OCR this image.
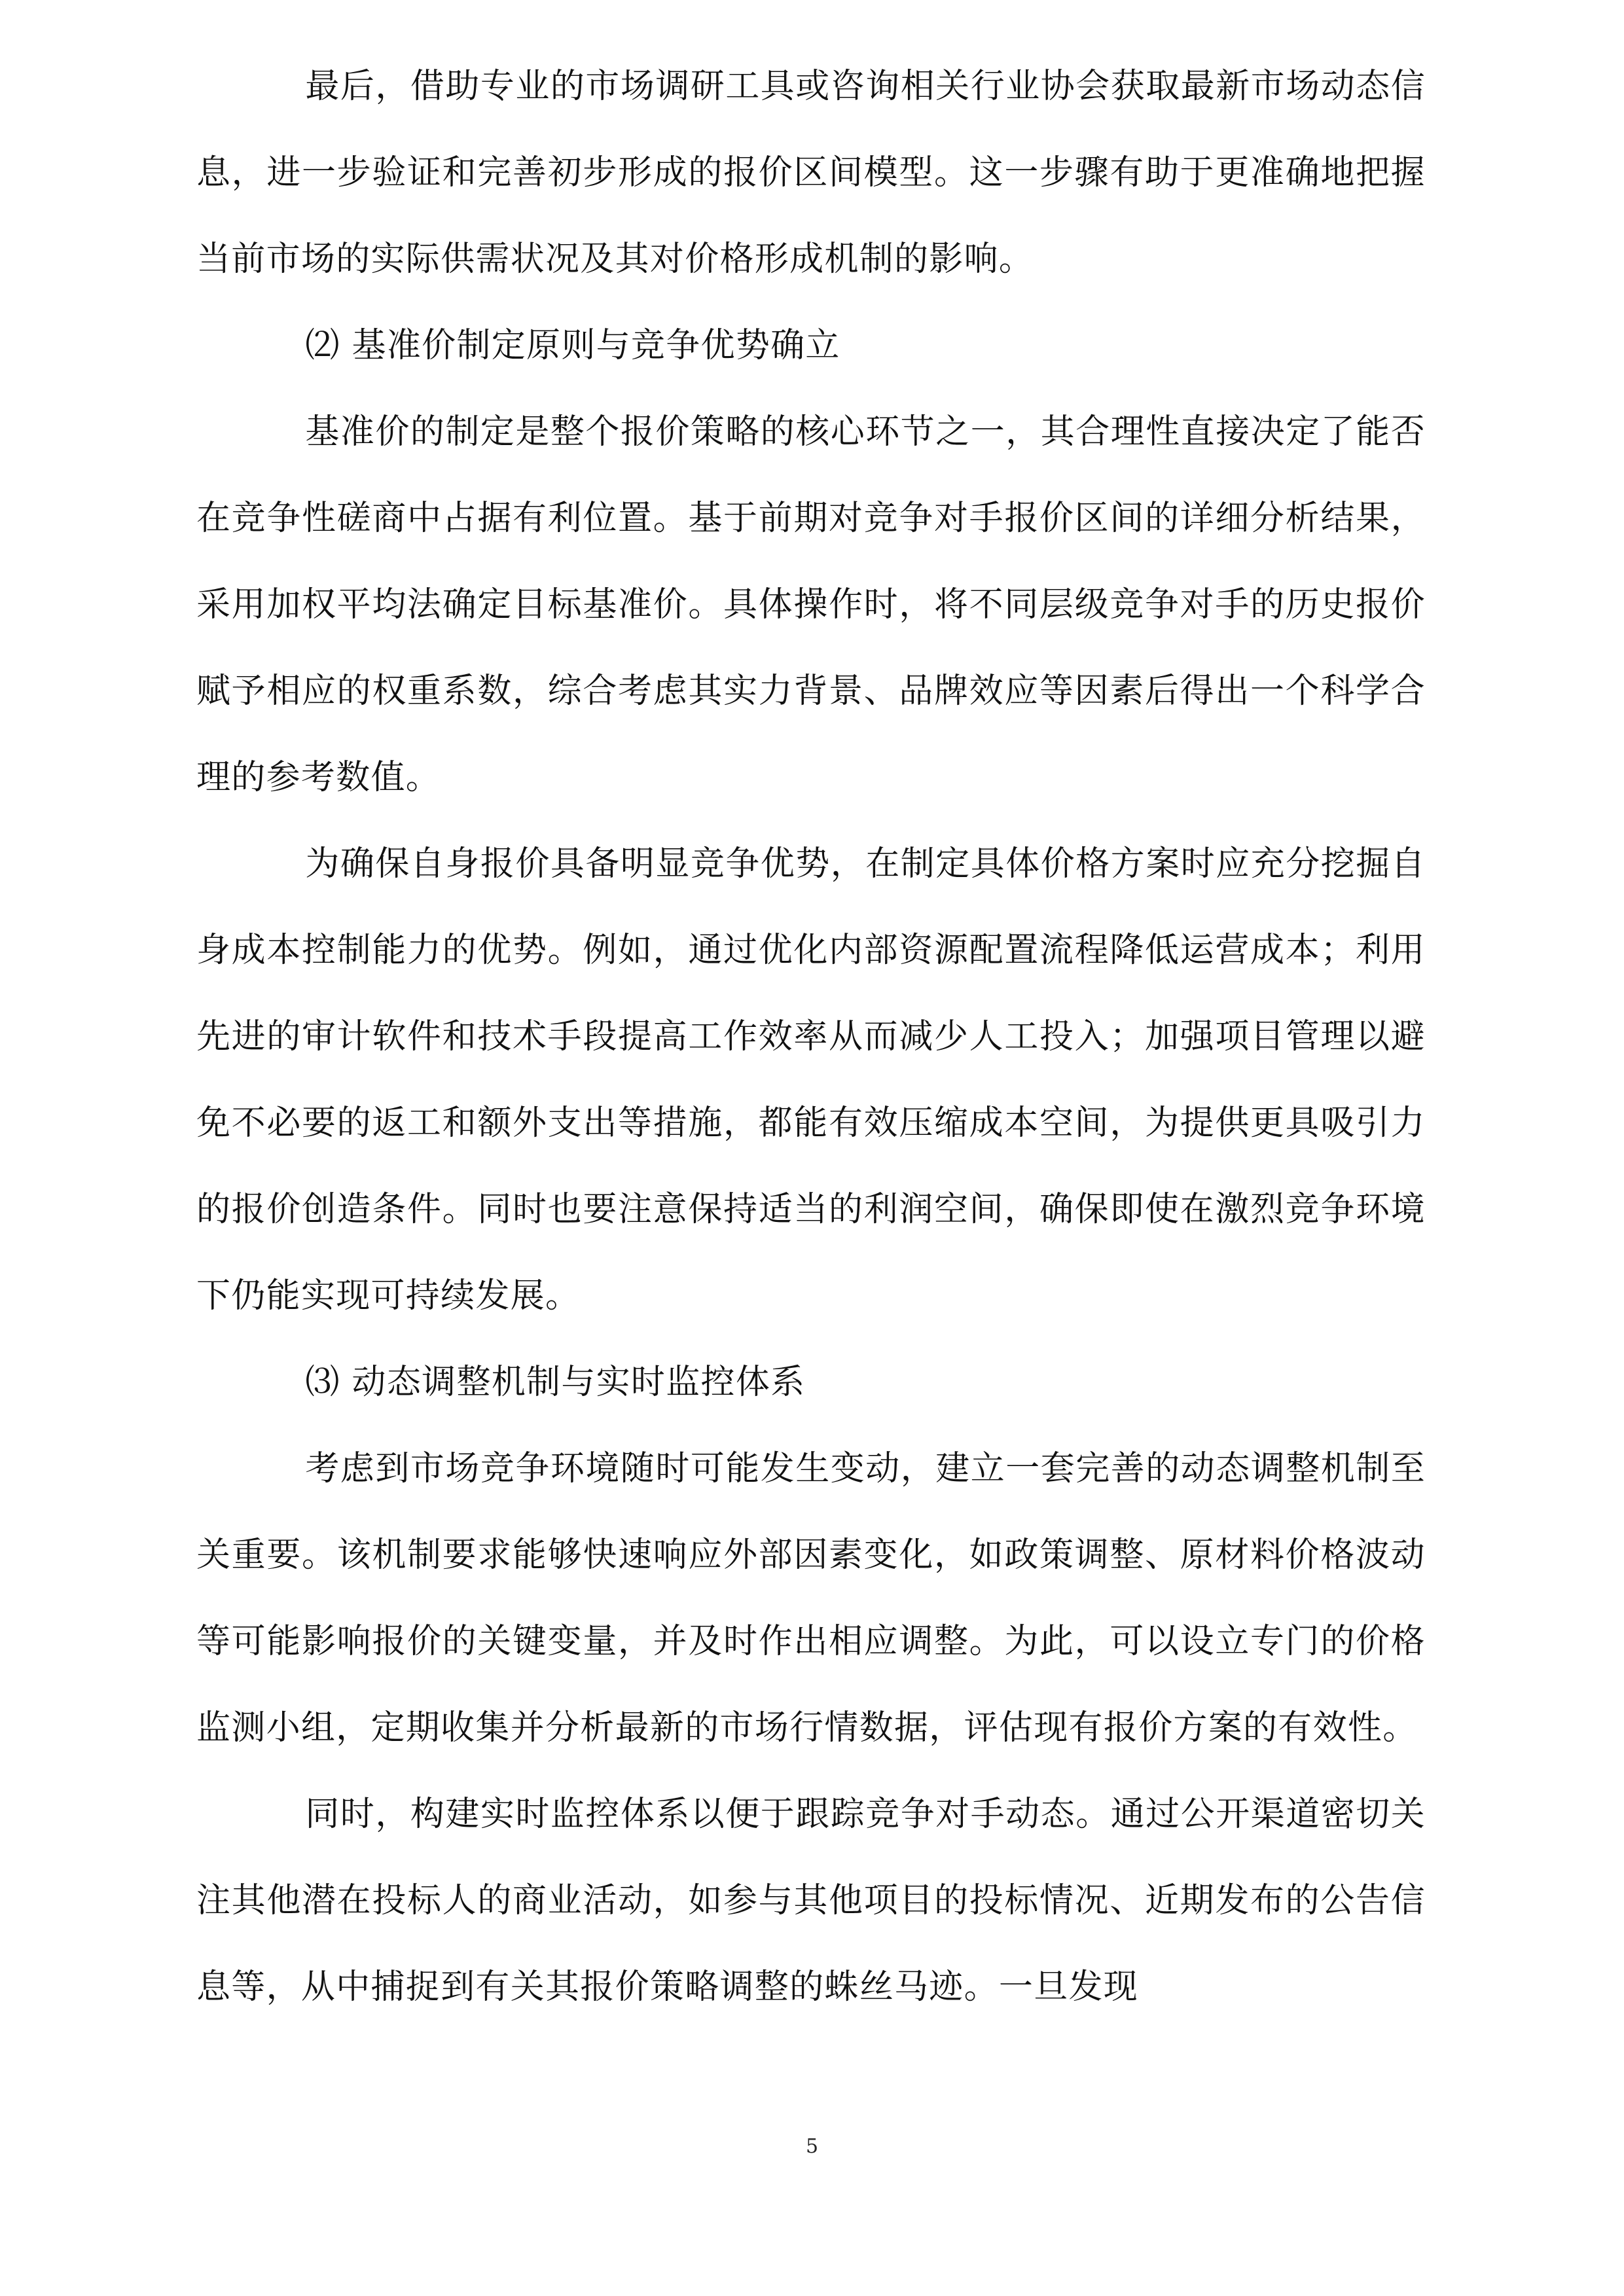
最后，借助专业的市场调研工具或咨询相关行业协会获取最新市场动态信息，进一步验证和完善初步形成的报价区间模型。这一步骤有助于更准确地把握当前市场的实际供需状况及其对价格形成机制的影响。

⑵ 基准价制定原则与竞争优势确立

基准价的制定是整个报价策略的核心环节之一，其合理性直接决定了能否在竞争性磋商中占据有利位置。基于前期对竞争对手报价区间的详细分析结果，采用加权平均法确定目标基准价。具体操作时，将不同层级竞争对手的历史报价赋予相应的权重系数，综合考虑其实力背景、品牌效应等因素后得出一个科学合理的参考数值。

为确保自身报价具备明显竞争优势，在制定具体价格方案时应充分挖掘自身成本控制能力的优势。例如，通过优化内部资源配置流程降低运营成本；利用先进的审计软件和技术手段提高工作效率从而减少人工投入；加强项目管理以避免不必要的返工和额外支出等措施，都能有效压缩成本空间，为提供更具吸引力的报价创造条件。同时也要注意保持适当的利润空间，确保即使在激烈竞争环境下仍能实现可持续发展。

⑶ 动态调整机制与实时监控体系

考虑到市场竞争环境随时可能发生变动，建立一套完善的动态调整机制至关重要。该机制要求能够快速响应外部因素变化，如政策调整、原材料价格波动等可能影响报价的关键变量，并及时作出相应调整。为此，可以设立专门的价格监测小组，定期收集并分析最新的市场行情数据，评估现有报价方案的有效性。

同时，构建实时监控体系以便于跟踪竞争对手动态。通过公开渠道密切关注其他潜在投标人的商业活动，如参与其他项目的投标情况、近期发布的公告信息等，从中捕捉到有关其报价策略调整的蛛丝马迹。一旦发现

5
